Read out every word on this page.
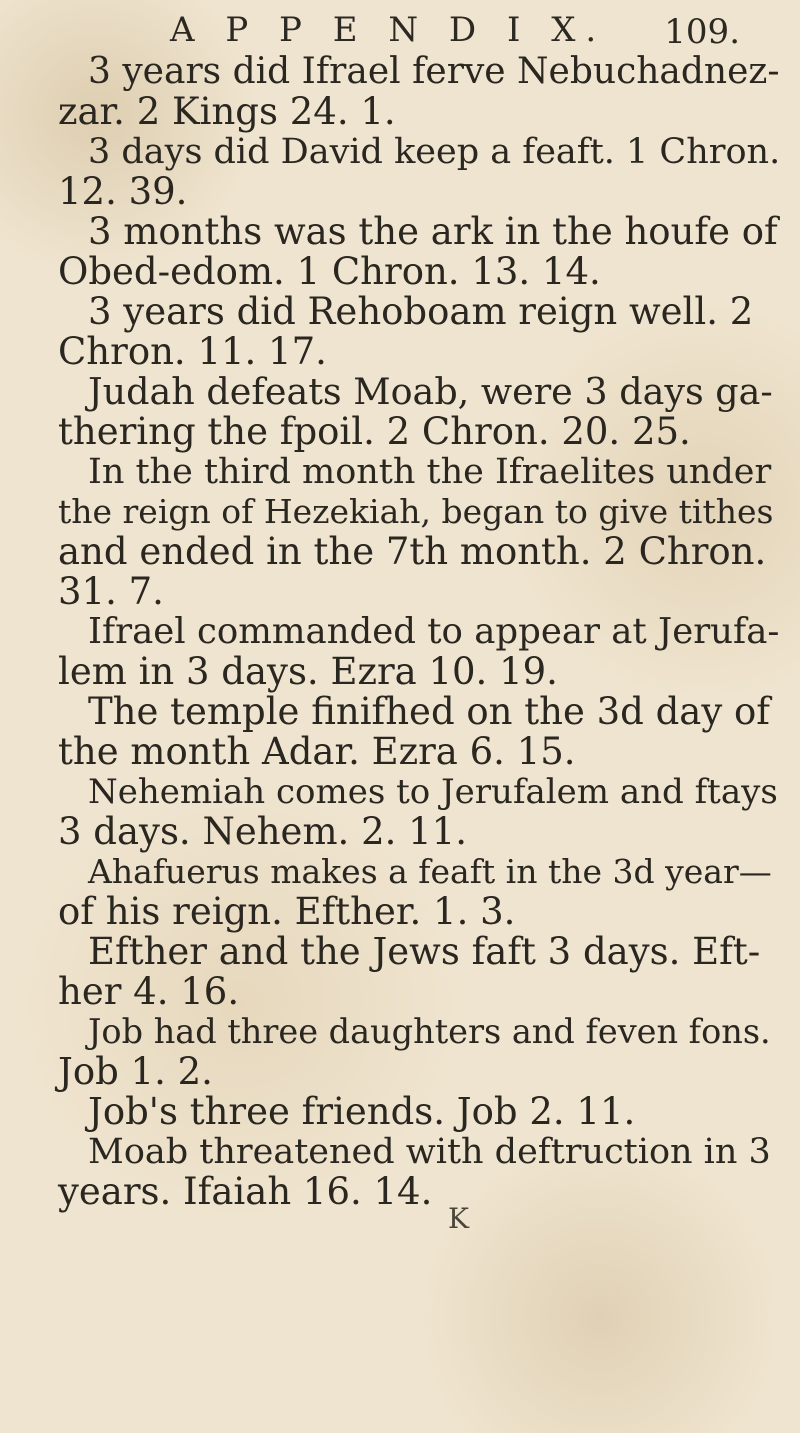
A P P E N D I X. 109.
3 years did Ifrael ferve Nebuchadnez-
zar. 2 Kings 24. 1.
3 days did David keep a feaft. 1 Chron.
12. 39.
3 months was the ark in the houfe of
Obed-edom. 1 Chron. 13. 14.
3 years did Rehoboam reign well. 2
Chron. 11. 17.
Judah defeats Moab, were 3 days ga-
thering the fpoil. 2 Chron. 20. 25.
In the third month the Ifraelites under
the reign of Hezekiah, began to give tithes
and ended in the 7th month. 2 Chron.
31. 7.
Ifrael commanded to appear at Jerufa-
lem in 3 days. Ezra 10. 19.
The temple finifhed on the 3d day of
the month Adar. Ezra 6. 15.
Nehemiah comes to Jerufalem and ftays
3 days. Nehem. 2. 11.
Ahafuerus makes a feaft in the 3d year—
of his reign. Efther. 1. 3.
Efther and the Jews faft 3 days. Eft-
her 4. 16.
Job had three daughters and feven fons.
Job 1. 2.
Job's three friends. Job 2. 11.
Moab threatened with deftruction in 3
years. Ifaiah 16. 14.
K
